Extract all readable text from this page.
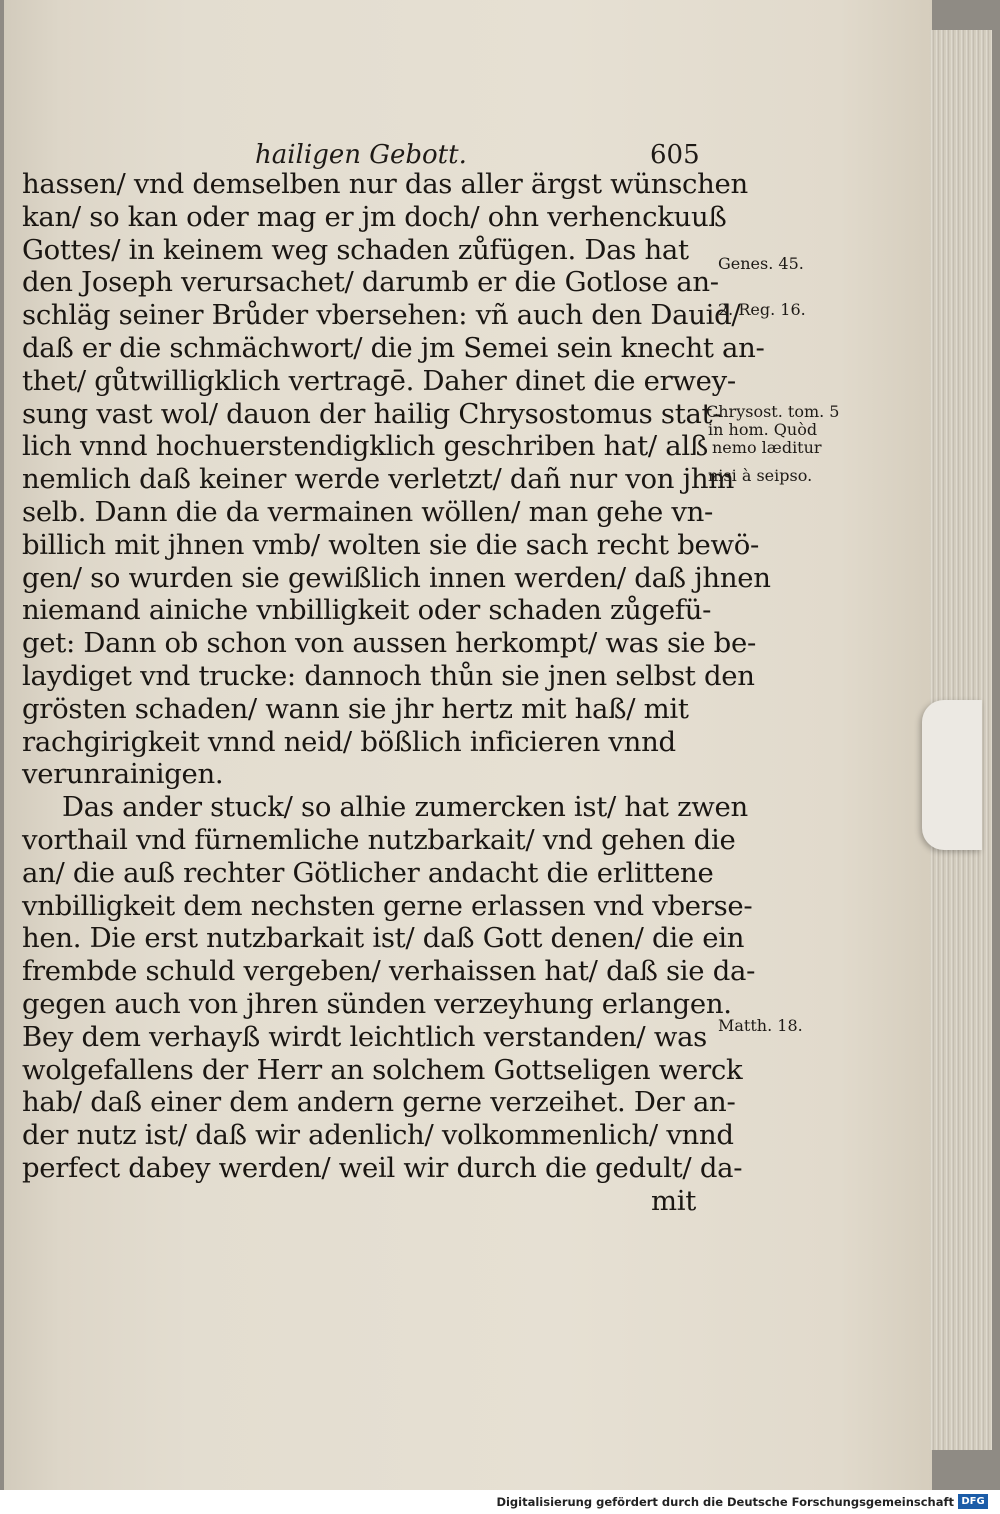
hailigen Gebott.	605
hassen/ vnd demselben nur das aller ärgst wünschen
kan/ so kan oder mag er jm doch/ ohn verhenckuuß
Gottes/ in keinem weg schaden zůfügen. Das hat
den Joseph verursachet/ darumb er die Gotlose an-
schläg seiner Brůder vbersehen: vñ auch den Dauid/
daß er die schmächwort/ die jm Semei sein knecht an-
thet/ gůtwilligklich vertragē. Daher dinet die erwey-
sung vast wol/ dauon der hailig Chrysostomus stat-
lich vnnd hochuerstendigklich geschriben hat/ alß
nemlich daß keiner werde verletzt/ dañ nur von jhm
selb. Dann die da vermainen wöllen/ man gehe vn-
billich mit jhnen vmb/ wolten sie die sach recht bewö-
gen/ so wurden sie gewißlich innen werden/ daß jhnen
niemand ainiche vnbilligkeit oder schaden zůgefü-
get: Dann ob schon von aussen herkompt/ was sie be-
laydiget vnd trucke: dannoch thůn sie jnen selbst den
grösten schaden/ wann sie jhr hertz mit haß/ mit
rachgirigkeit vnnd neid/ bößlich inficieren vnnd
verunrainigen.
Das ander stuck/ so alhie zumercken ist/ hat zwen
vorthail vnd fürnemliche nutzbarkait/ vnd gehen die
an/ die auß rechter Götlicher andacht die erlittene
vnbilligkeit dem nechsten gerne erlassen vnd vberse-
hen. Die erst nutzbarkait ist/ daß Gott denen/ die ein
frembde schuld vergeben/ verhaissen hat/ daß sie da-
gegen auch von jhren sünden verzeyhung erlangen.
Bey dem verhayß wirdt leichtlich verstanden/ was
wolgefallens der Herr an solchem Gottseligen werck
hab/ daß einer dem andern gerne verzeihet. Der an-
der nutz ist/ daß wir adenlich/ volkommenlich/ vnnd
perfect dabey werden/ weil wir durch die gedult/ da-
mit
Genes. 45.
2. Reg. 16.
Chrysost. tom. 5
in hom. Quòd
nemo læditur
nisi à seipso.
Matth. 18.
Digitalisierung gefördert durch die Deutsche Forschungsgemeinschaft DFG
